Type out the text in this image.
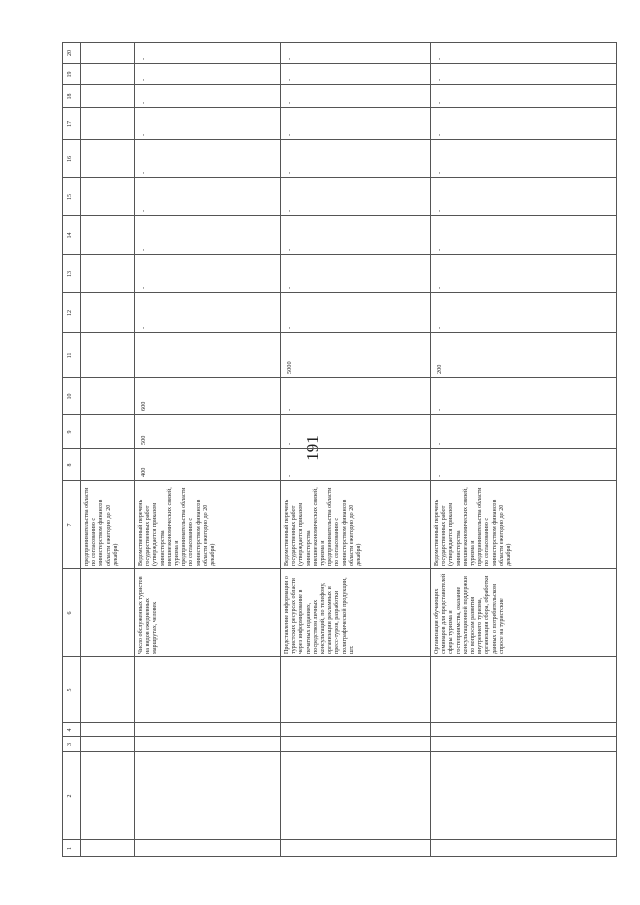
191
1
2
3
4
5
6
7
8
9
10
11
12
13
14
15
16
17
18
19
20
предпринимательства области по согласованию с министерством финансов области ежегодно до 20 декабря)
Число обслуженных туристов на видов ежедневных маршрутах, человек
Ведомственный перечень государственных работ (утверждается приказом министерства внешнеэкономических связей, туризма и предпринимательства области по согласованию с министерством финансов области ежегодно до 20 декабря)
400
500
600
-
-
-
-
-
-
-
-
-
Представление информации о туристских ресурсах области через информирование в печатных изданиях, посредством личных консультаций, по телефону, организации рекламных и пресс-туров, разработки полиграфической продукции, шт.
Ведомственный перечень государственных работ (утверждается приказом министерства внешнеэкономических связей, туризма и предпринимательства области по согласованию с министерством финансов области ежегодно до 20 декабря)
-
-
-
5000
-
-
-
-
-
-
-
-
-
Организация обучающих семинаров для представителей сферы туризма и гостеприимства, оказание консультационной поддержки по вопросам развития внутреннего туризма, организация сбора, обработки данных о потребительском спросе на туристские
Ведомственный перечень государственных работ (утверждается приказом министерства внешнеэкономических связей, туризма и предпринимательства области по согласованию с министерством финансов области ежегодно до 20 декабря)
-
-
-
200
-
-
-
-
-
-
-
-
-
